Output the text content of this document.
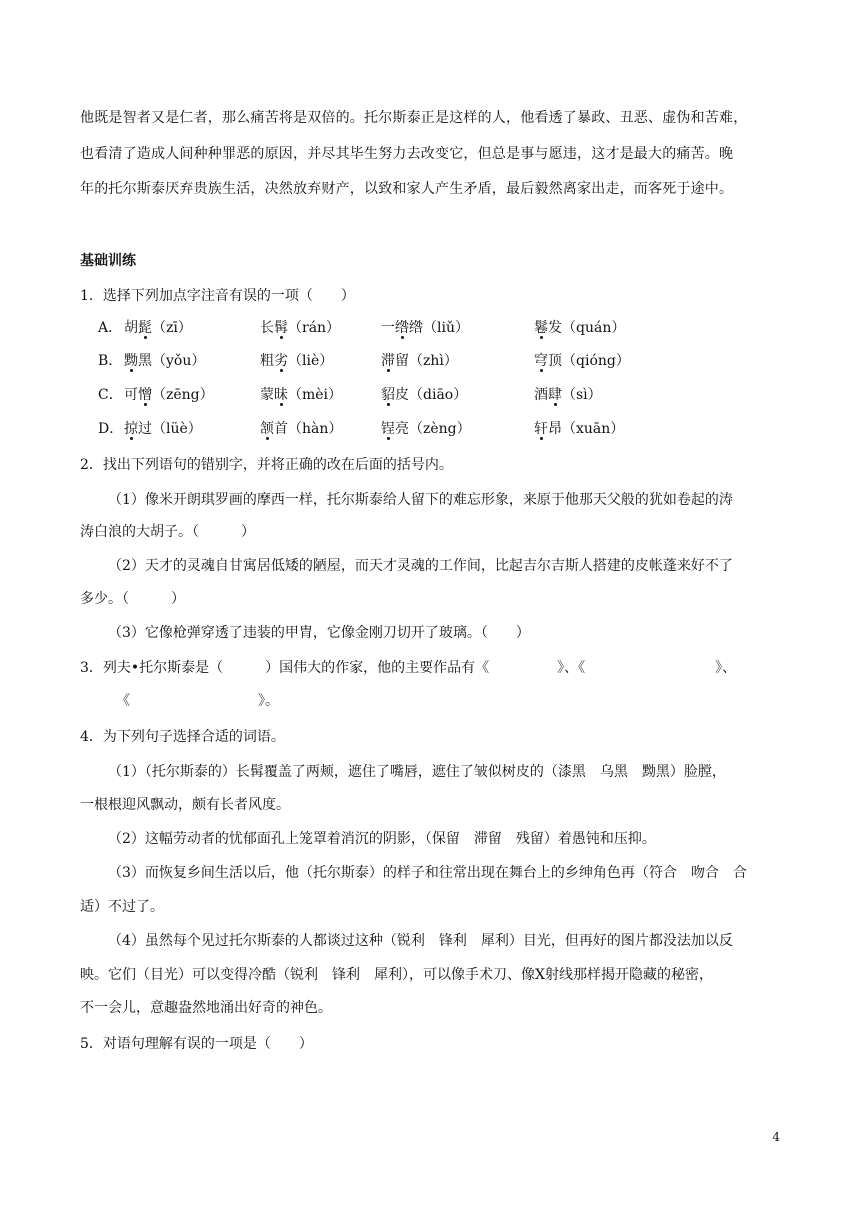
他既是智者又是仁者，那么痛苦将是双倍的。托尔斯泰正是这样的人，他看透了暴政、丑恶、虚伪和苦难，
也看清了造成人间种种罪恶的原因，并尽其毕生努力去改变它，但总是事与愿违，这才是最大的痛苦。晚
年的托尔斯泰厌弃贵族生活，决然放弃财产，以致和家人产生矛盾，最后毅然离家出走，而客死于途中。
基础训练
1．选择下列加点字注音有误的一项（　　）
A． 胡髭（zī）	长髯（rán）	一绺绺（liǔ）	鬈发（quán）
B． 黝黑（yǒu）	粗劣（liè）	滞留（zhì）	穹顶（qióng）
C． 可憎（zēng）	蒙昧（mèi）	貂皮（diāo）	酒肆（sì）
D． 掠过（lüè）	颔首（hàn）	锃亮（zèng）	轩昂（xuān）
2．找出下列语句的错别字，并将正确的改在后面的括号内。
（1）像米开朗琪罗画的摩西一样，托尔斯泰给人留下的难忘形象，来原于他那天父般的犹如卷起的涛
涛白浪的大胡子。（　　　）
（2）天才的灵魂自甘寓居低矮的陋屋，而天才灵魂的工作间，比起吉尔吉斯人搭建的皮帐蓬来好不了
多少。（　　　）
（3）它像枪弹穿透了违装的甲胄，它像金刚刀切开了玻璃。（　　）
3．列夫•托尔斯泰是（　　　）国伟大的作家，他的主要作品有《	》、《	》、
《	》。
4．为下列句子选择合适的词语。
（1）（托尔斯泰的）长髯覆盖了两颊，遮住了嘴唇，遮住了皱似树皮的（漆黑　乌黑　黝黑）脸膛，
一根根迎风飘动，颇有长者风度。
（2）这幅劳动者的忧郁面孔上笼罩着消沉的阴影，（保留　滞留　残留）着愚钝和压抑。
（3）而恢复乡间生活以后，他（托尔斯泰）的样子和往常出现在舞台上的乡绅角色再（符合　吻合　合
适）不过了。
（4）虽然每个见过托尔斯泰的人都谈过这种（锐利　锋利　犀利）目光，但再好的图片都没法加以反
映。它们（目光）可以变得冷酷（锐利　锋利　犀利），可以像手术刀、像X射线那样揭开隐藏的秘密，
不一会儿，意趣盎然地涌出好奇的神色。
5．对语句理解有误的一项是（　　）
4
